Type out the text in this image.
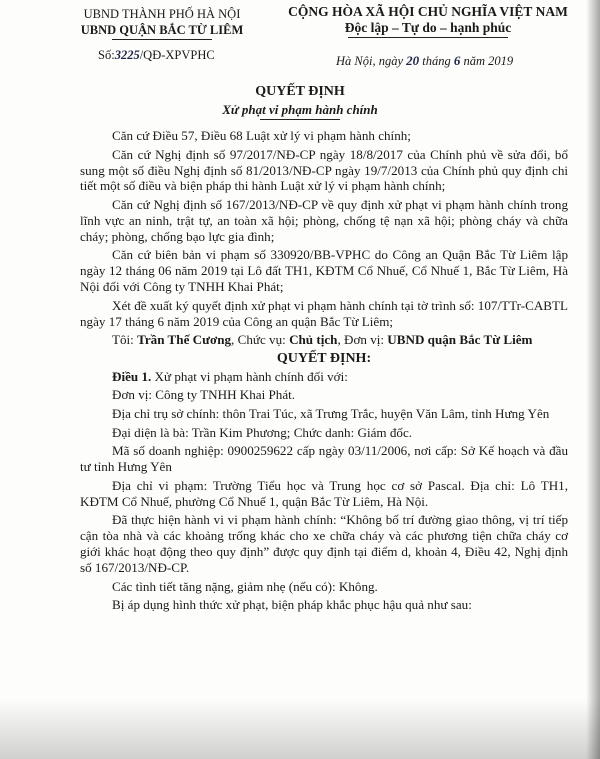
UBND THÀNH PHỐ HÀ NỘI
UBND QUẬN BẮC TỪ LIÊM
CỘNG HÒA XÃ HỘI CHỦ NGHĨA VIỆT NAM
Độc lập – Tự do – hạnh phúc
Số:3225/QĐ-XPVPHC	Hà Nội, ngày 20 tháng 6 năm 2019
QUYẾT ĐỊNH
Xử phạt vi phạm hành chính

Căn cứ Điều 57, Điều 68 Luật xử lý vi phạm hành chính;

Căn cứ Nghị định số 97/2017/NĐ-CP ngày 18/8/2017 của Chính phủ về sửa đổi, bổ sung một số điều Nghị định số 81/2013/NĐ-CP ngày 19/7/2013 của Chính phủ quy định chi tiết một số điều và biện pháp thi hành Luật xử lý vi phạm hành chính;

Căn cứ Nghị định số 167/2013/NĐ-CP về quy định xử phạt vi phạm hành chính trong lĩnh vực an ninh, trật tự, an toàn xã hội; phòng, chống tệ nạn xã hội; phòng cháy và chữa cháy; phòng, chống bạo lực gia đình;

Căn cứ biên bản vi phạm số 330920/BB-VPHC do Công an Quận Bắc Từ Liêm lập ngày 12 tháng 06 năm 2019 tại Lô đất TH1, KĐTM Cổ Nhuế, Cổ Nhuế 1, Bắc Từ Liêm, Hà Nội đối với Công ty TNHH Khai Phát;

Xét đề xuất ký quyết định xử phạt vi phạm hành chính tại tờ trình số: 107/TTr-CABTL ngày 17 tháng 6 năm 2019 của Công an quận Bắc Từ Liêm;

Tôi: Trần Thế Cương, Chức vụ: Chủ tịch, Đơn vị: UBND quận Bắc Từ Liêm

QUYẾT ĐỊNH:

Điều 1. Xử phạt vi phạm hành chính đối với:

Đơn vị: Công ty TNHH Khai Phát.

Địa chỉ trụ sở chính: thôn Trai Túc, xã Trưng Trắc, huyện Văn Lâm, tỉnh Hưng Yên

Đại diện là bà: Trần Kim Phương; Chức danh: Giám đốc.

Mã số doanh nghiệp: 0900259622 cấp ngày 03/11/2006, nơi cấp: Sở Kế hoạch và đầu tư tỉnh Hưng Yên

Địa chỉ vi phạm: Trường Tiểu học và Trung học cơ sở Pascal. Địa chỉ: Lô TH1, KĐTM Cổ Nhuế, phường Cổ Nhuế 1, quận Bắc Từ Liêm, Hà Nội.

Đã thực hiện hành vi vi phạm hành chính: “Không bố trí đường giao thông, vị trí tiếp cận tòa nhà và các khoảng trống khác cho xe chữa cháy và các phương tiện chữa cháy cơ giới khác hoạt động theo quy định” được quy định tại điểm d, khoản 4, Điều 42, Nghị định số 167/2013/NĐ-CP.

Các tình tiết tăng nặng, giảm nhẹ (nếu có): Không.

Bị áp dụng hình thức xử phạt, biện pháp khắc phục hậu quả như sau:
